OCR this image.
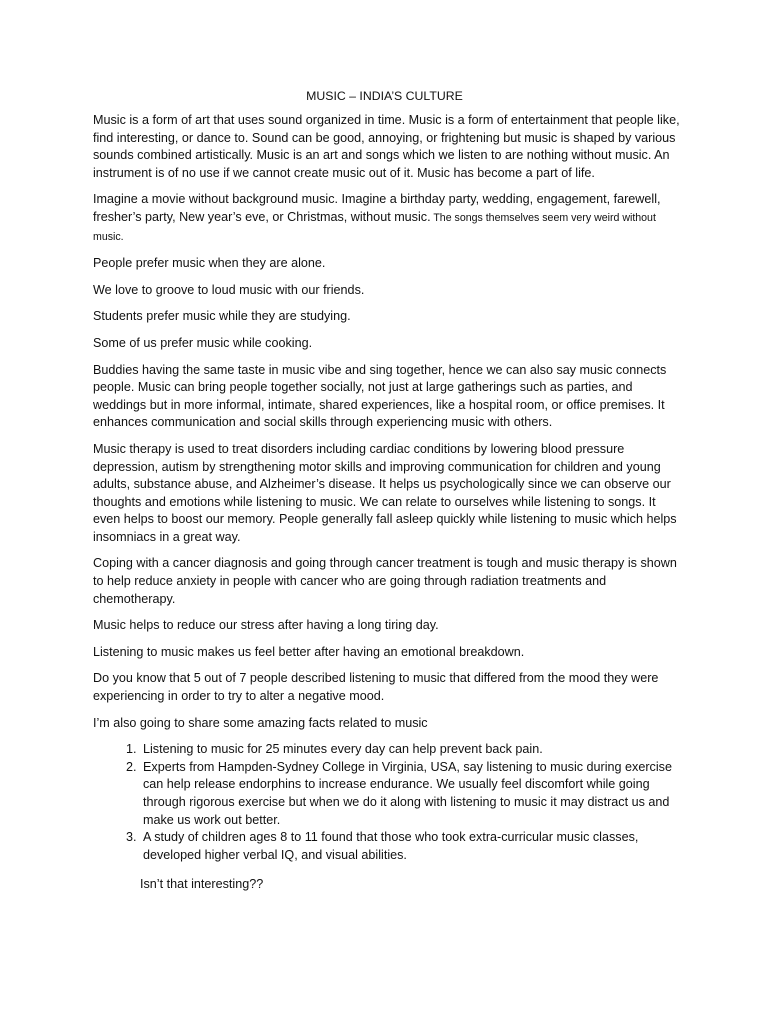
MUSIC – INDIA’S CULTURE

Music is a form of art that uses sound organized in time. Music is a form of entertainment that people like, find interesting, or dance to. Sound can be good, annoying, or frightening but music is shaped by various sounds combined artistically. Music is an art and songs which we listen to are nothing without music. An instrument is of no use if we cannot create music out of it. Music has become a part of life.

Imagine a movie without background music. Imagine a birthday party, wedding, engagement, farewell, fresher’s party, New year’s eve, or Christmas, without music. The songs themselves seem very weird without music.

People prefer music when they are alone.

We love to groove to loud music with our friends.

Students prefer music while they are studying.

Some of us prefer music while cooking.

Buddies having the same taste in music vibe and sing together, hence we can also say music connects people. Music can bring people together socially, not just at large gatherings such as parties, and weddings but in more informal, intimate, shared experiences, like a hospital room, or office premises. It enhances communication and social skills through experiencing music with others.

Music therapy is used to treat disorders including cardiac conditions by lowering blood pressure depression, autism by strengthening motor skills and improving communication for children and young adults, substance abuse, and Alzheimer’s disease. It helps us psychologically since we can observe our thoughts and emotions while listening to music. We can relate to ourselves while listening to songs. It even helps to boost our memory. People generally fall asleep quickly while listening to music which helps insomniacs in a great way.

Coping with a cancer diagnosis and going through cancer treatment is tough and music therapy is shown to help reduce anxiety in people with cancer who are going through radiation treatments and chemotherapy.

Music helps to reduce our stress after having a long tiring day.

Listening to music makes us feel better after having an emotional breakdown.

Do you know that 5 out of 7 people described listening to music that differed from the mood they were experiencing in order to try to alter a negative mood.

I’m also going to share some amazing facts related to music

1. Listening to music for 25 minutes every day can help prevent back pain.
2. Experts from Hampden-Sydney College in Virginia, USA, say listening to music during exercise can help release endorphins to increase endurance. We usually feel discomfort while going through rigorous exercise but when we do it along with listening to music it may distract us and make us work out better.
3. A study of children ages 8 to 11 found that those who took extra-curricular music classes, developed higher verbal IQ, and visual abilities.
Isn’t that interesting??
